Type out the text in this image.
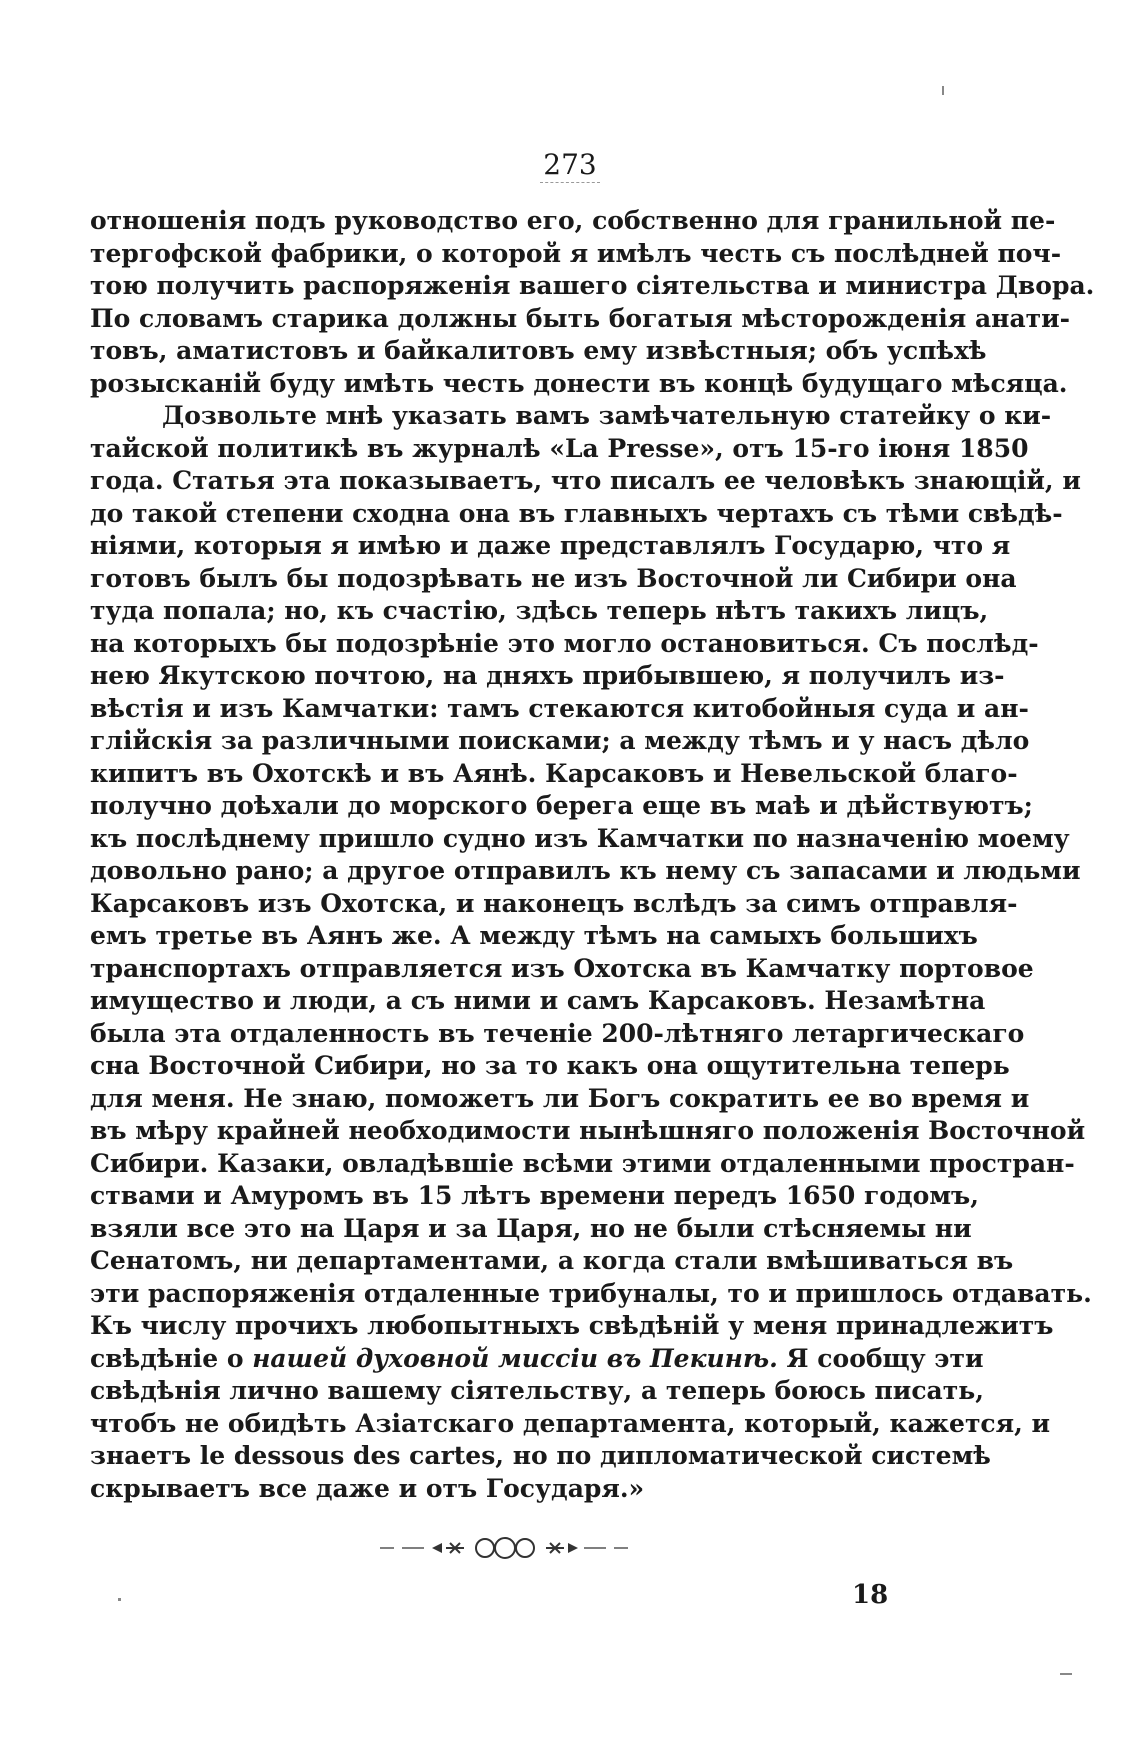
273
отношенія подъ руководство его, собственно для гранильной пе-
тергофской фабрики, о которой я имѣлъ честь съ послѣдней поч-
тою получить распоряженія вашего сіятельства и министра Двора.
По словамъ старика должны быть богатыя мѣсторожденія анати-
товъ, аматистовъ и байкалитовъ ему извѣстныя; объ успѣхѣ
розысканій буду имѣть честь донести въ концѣ будущаго мѣсяца.
Дозвольте мнѣ указать вамъ замѣчательную статейку о ки-
тайской политикѣ въ журналѣ «La Presse», отъ 15-го іюня 1850
года. Статья эта показываетъ, что писалъ ее человѣкъ знающій, и
до такой степени сходна она въ главныхъ чертахъ съ тѣми свѣдѣ-
ніями, которыя я имѣю и даже представлялъ Государю, что я
готовъ былъ бы подозрѣвать не изъ Восточной ли Сибири она
туда попала; но, къ счастію, здѣсь теперь нѣтъ такихъ лицъ,
на которыхъ бы подозрѣніе это могло остановиться. Съ послѣд-
нею Якутскою почтою, на дняхъ прибывшею, я получилъ из-
вѣстія и изъ Камчатки: тамъ стекаются китобойныя суда и ан-
глійскія за различными поисками; а между тѣмъ и у насъ дѣло
кипитъ въ Охотскѣ и въ Аянѣ. Карсаковъ и Невельской благо-
получно доѣхали до морского берега еще въ маѣ и дѣйствуютъ;
къ послѣднему пришло судно изъ Камчатки по назначенію моему
довольно рано; а другое отправилъ къ нему съ запасами и людьми
Карсаковъ изъ Охотска, и наконецъ вслѣдъ за симъ отправля-
емъ третье въ Аянъ же. А между тѣмъ на самыхъ большихъ
транспортахъ отправляется изъ Охотска въ Камчатку портовое
имущество и люди, а съ ними и самъ Карсаковъ. Незамѣтна
была эта отдаленность въ теченіе 200-лѣтняго летаргическаго
сна Восточной Сибири, но за то какъ она ощутительна теперь
для меня. Не знаю, поможетъ ли Богъ сократить ее во время и
въ мѣру крайней необходимости нынѣшняго положенія Восточной
Сибири. Казаки, овладѣвшіе всѣми этими отдаленными простран-
ствами и Амуромъ въ 15 лѣтъ времени передъ 1650 годомъ,
взяли все это на Царя и за Царя, но не были стѣсняемы ни
Сенатомъ, ни департаментами, а когда стали вмѣшиваться въ
эти распоряженія отдаленные трибуналы, то и пришлось отдавать.
Къ числу прочихъ любопытныхъ свѣдѣній у меня принадлежитъ
свѣдѣніе о нашей духовной миссіи въ Пекинѣ. Я сообщу эти
свѣдѣнія лично вашему сіятельству, а теперь боюсь писать,
чтобъ не обидѣть Азіатскаго департамента, который, кажется, и
знаетъ le dessous des cartes, но по дипломатической системѣ
скрываетъ все даже и отъ Государя.»
18
